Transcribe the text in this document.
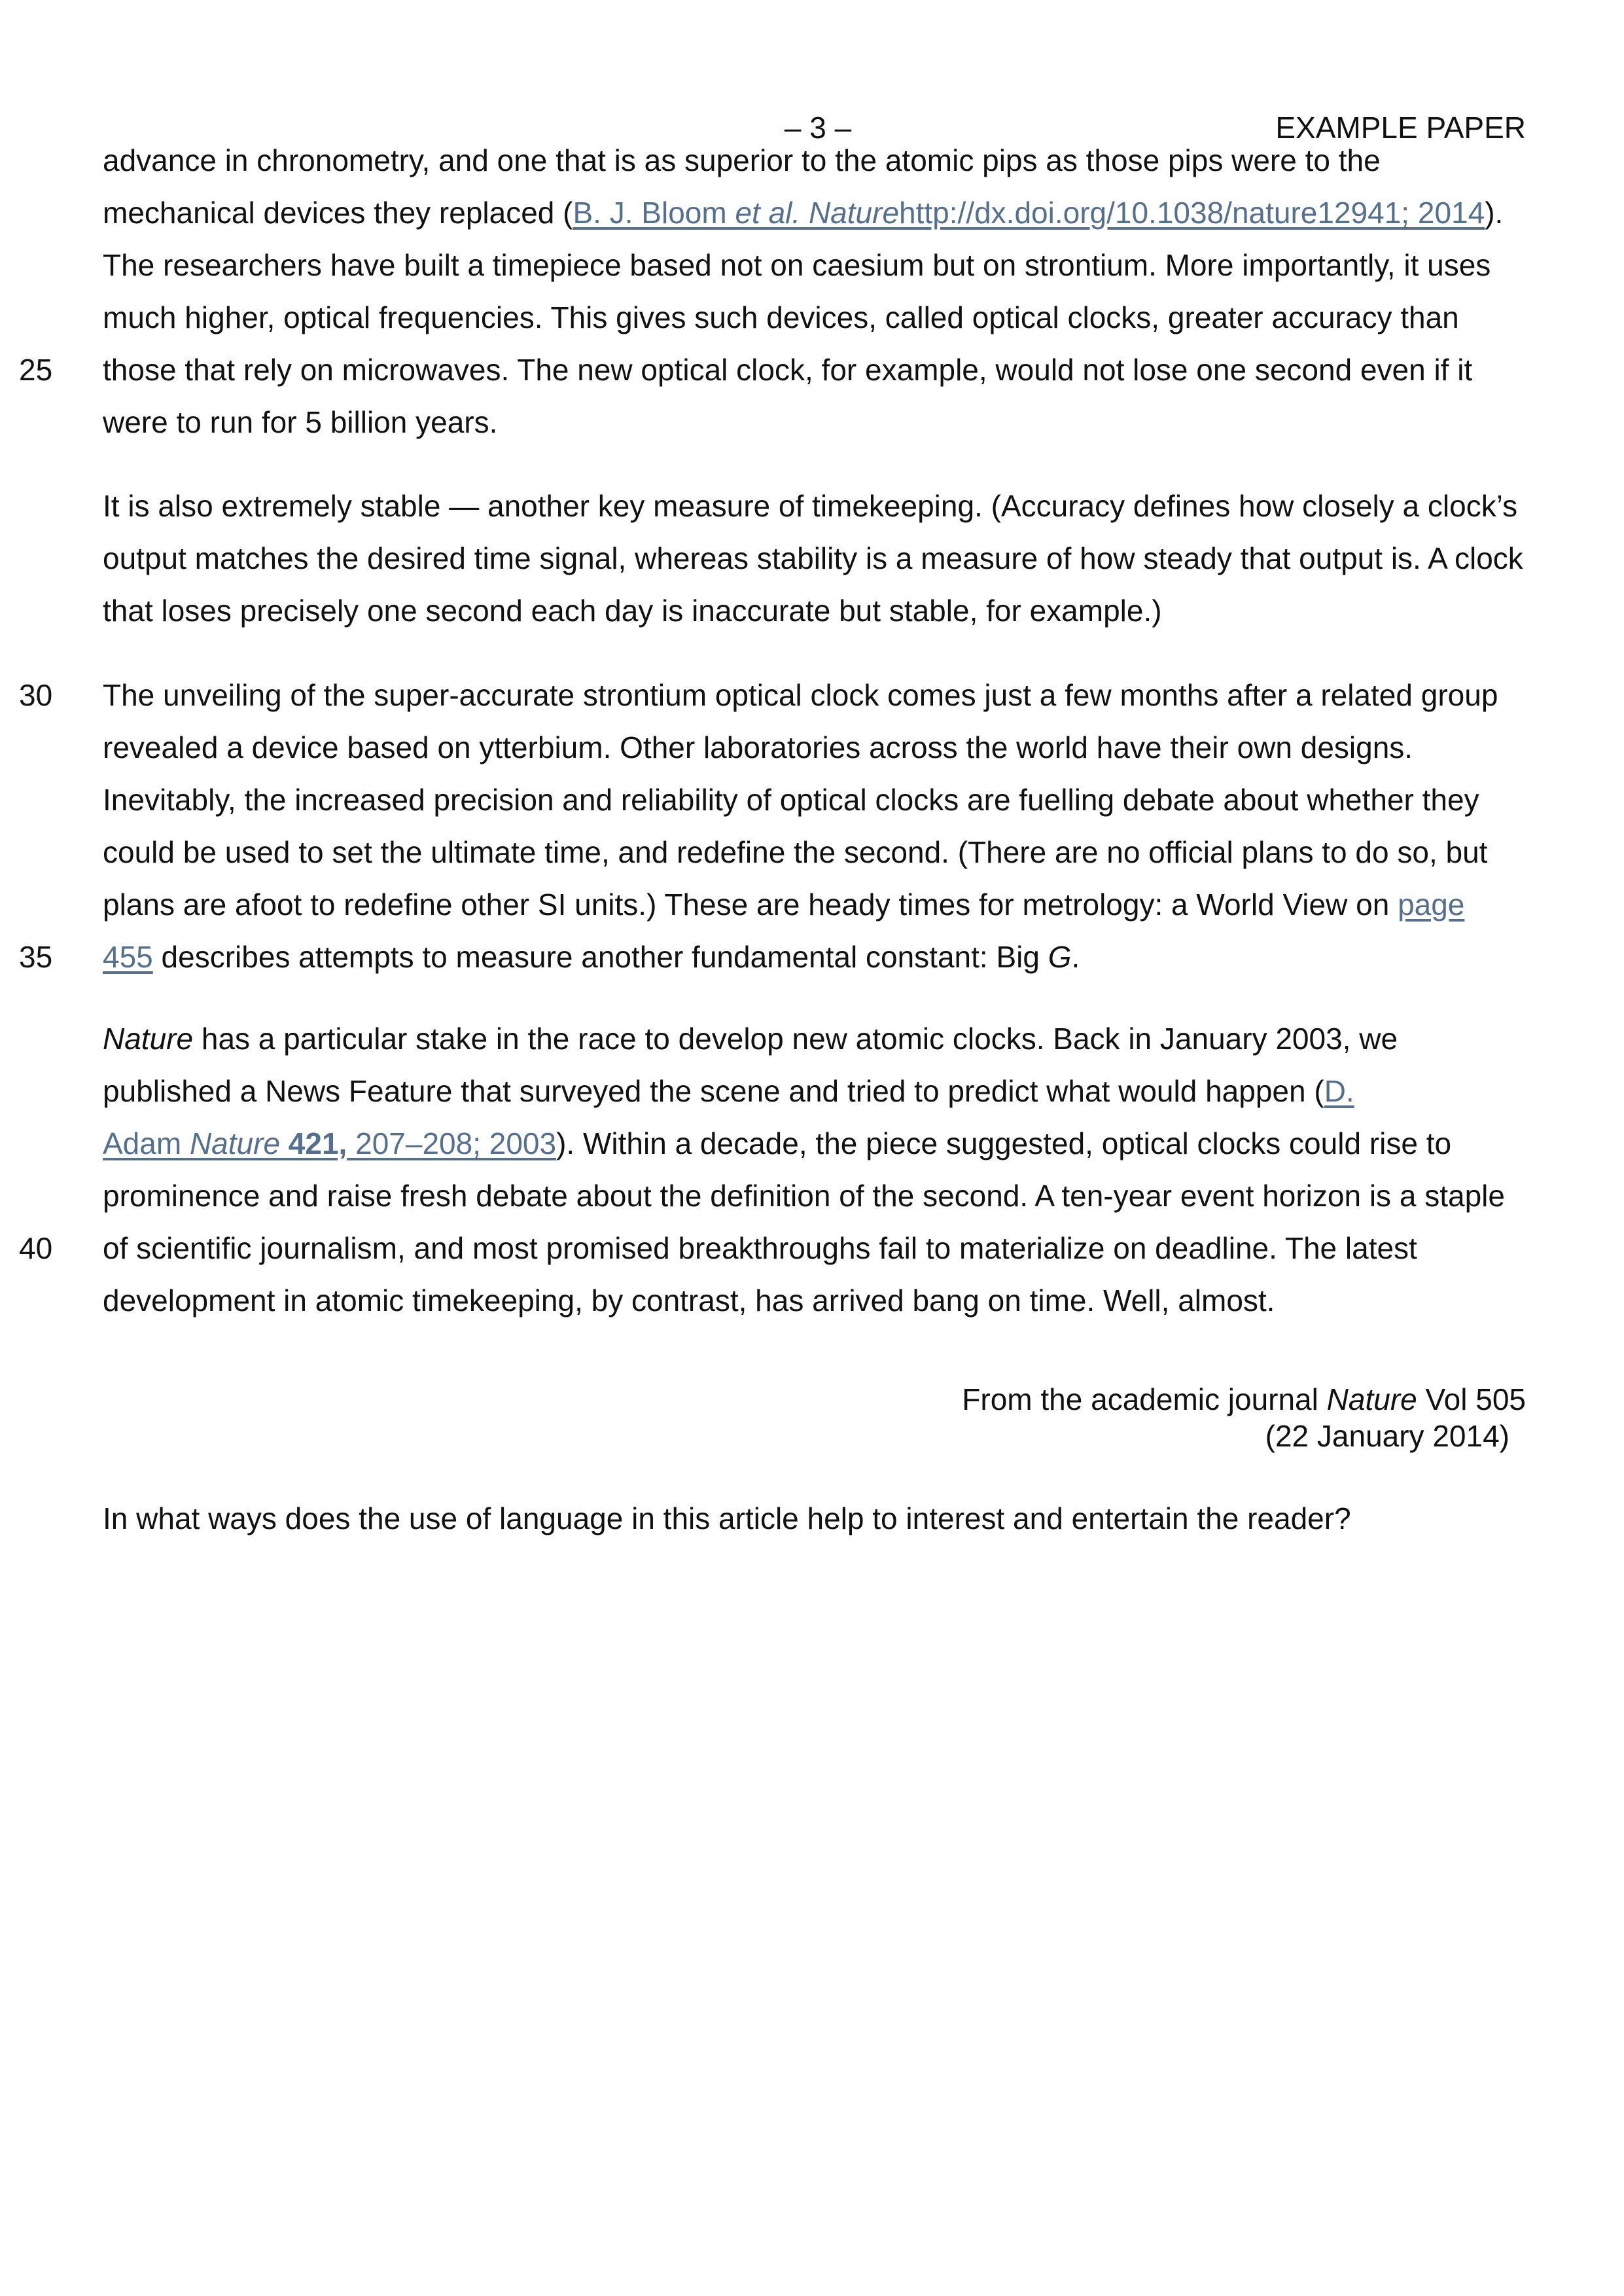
– 3 –	EXAMPLE PAPER
advance in chronometry, and one that is as superior to the atomic pips as those pips were to the
mechanical devices they replaced (B. J. Bloom et al. Naturehttp://dx.doi.org/10.1038/nature12941; 2014).
The researchers have built a timepiece based not on caesium but on strontium. More importantly, it uses
much higher, optical frequencies. This gives such devices, called optical clocks, greater accuracy than
25 those that rely on microwaves. The new optical clock, for example, would not lose one second even if it
were to run for 5 billion years.
It is also extremely stable — another key measure of timekeeping. (Accuracy defines how closely a clock’s
output matches the desired time signal, whereas stability is a measure of how steady that output is. A clock
that loses precisely one second each day is inaccurate but stable, for example.)
30 The unveiling of the super-accurate strontium optical clock comes just a few months after a related group
revealed a device based on ytterbium. Other laboratories across the world have their own designs.
Inevitably, the increased precision and reliability of optical clocks are fuelling debate about whether they
could be used to set the ultimate time, and redefine the second. (There are no official plans to do so, but
plans are afoot to redefine other SI units.) These are heady times for metrology: a World View on page
35 455 describes attempts to measure another fundamental constant: Big G.
Nature has a particular stake in the race to develop new atomic clocks. Back in January 2003, we
published a News Feature that surveyed the scene and tried to predict what would happen (D.
Adam Nature 421, 207–208; 2003). Within a decade, the piece suggested, optical clocks could rise to
prominence and raise fresh debate about the definition of the second. A ten-year event horizon is a staple
40 of scientific journalism, and most promised breakthroughs fail to materialize on deadline. The latest
development in atomic timekeeping, by contrast, has arrived bang on time. Well, almost.
From the academic journal Nature Vol 505
(22 January 2014)
In what ways does the use of language in this article help to interest and entertain the reader?
